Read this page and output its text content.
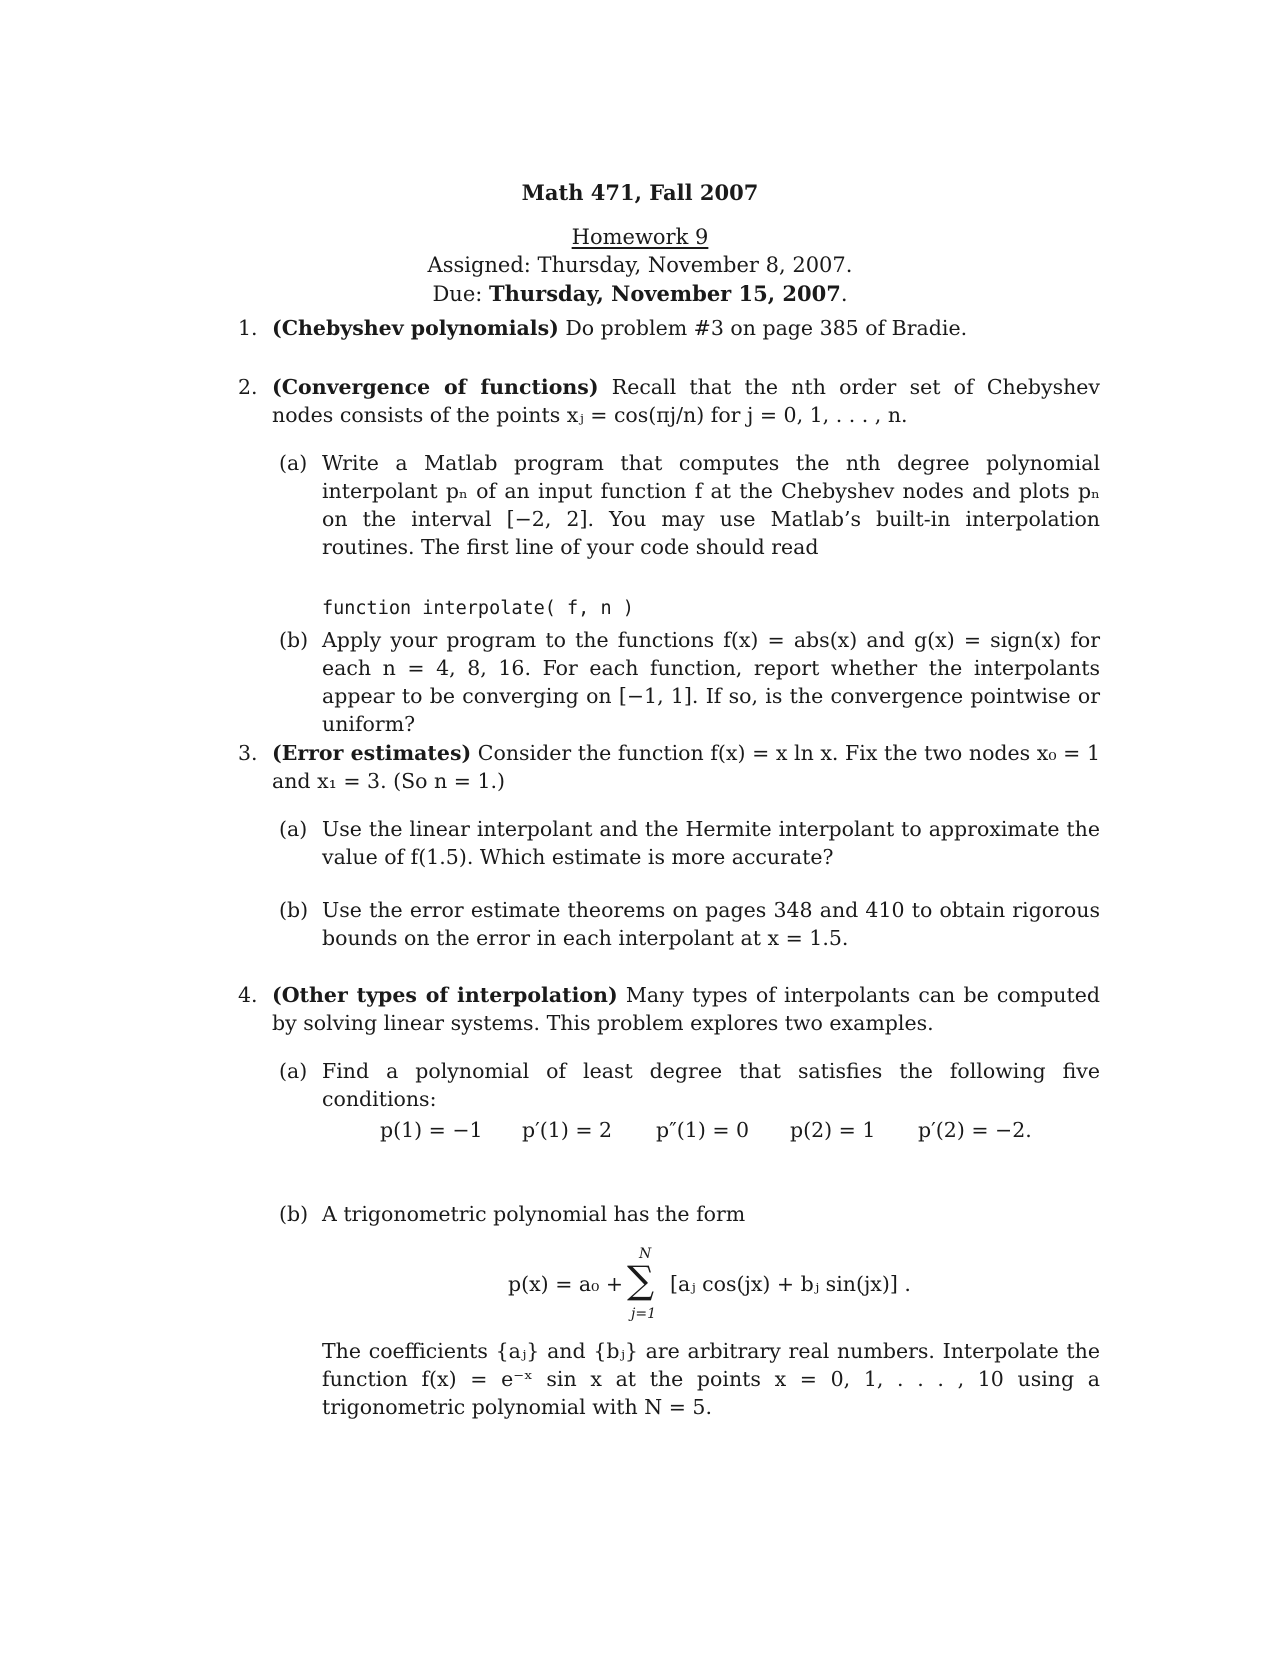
Math 471, Fall 2007
Homework 9
Assigned: Thursday, November 8, 2007.
Due: Thursday, November 15, 2007.
1. (Chebyshev polynomials) Do problem #3 on page 385 of Bradie.
2. (Convergence of functions) Recall that the nth order set of Chebyshev nodes consists of the points xⱼ = cos(πj/n) for j = 0, 1, . . . , n.
(a) Write a Matlab program that computes the nth degree polynomial interpolant pₙ of an input function f at the Chebyshev nodes and plots pₙ on the interval [−2, 2]. You may use Matlab’s built-in interpolation routines. The first line of your code should read
function interpolate( f, n )
(b) Apply your program to the functions f(x) = abs(x) and g(x) = sign(x) for each n = 4, 8, 16. For each function, report whether the interpolants appear to be converging on [−1, 1]. If so, is the convergence pointwise or uniform?
3. (Error estimates) Consider the function f(x) = x ln x. Fix the two nodes x₀ = 1 and x₁ = 3. (So n = 1.)
(a) Use the linear interpolant and the Hermite interpolant to approximate the value of f(1.5). Which estimate is more accurate?
(b) Use the error estimate theorems on pages 348 and 410 to obtain rigorous bounds on the error in each interpolant at x = 1.5.
4. (Other types of interpolation) Many types of interpolants can be computed by solving linear systems. This problem explores two examples.
(a) Find a polynomial of least degree that satisfies the following five conditions:
p(1) = −1 p′(1) = 2 p″(1) = 0 p(2) = 1 p′(2) = −2.
(b) A trigonometric polynomial has the form
p(x) = a₀ +
N
∑
j=1
[aⱼ cos(jx) + bⱼ sin(jx)] .
The coefficients {aⱼ} and {bⱼ} are arbitrary real numbers. Interpolate the function f(x) = e⁻ˣ sin x at the points x = 0, 1, . . . , 10 using a trigonometric polynomial with N = 5.
